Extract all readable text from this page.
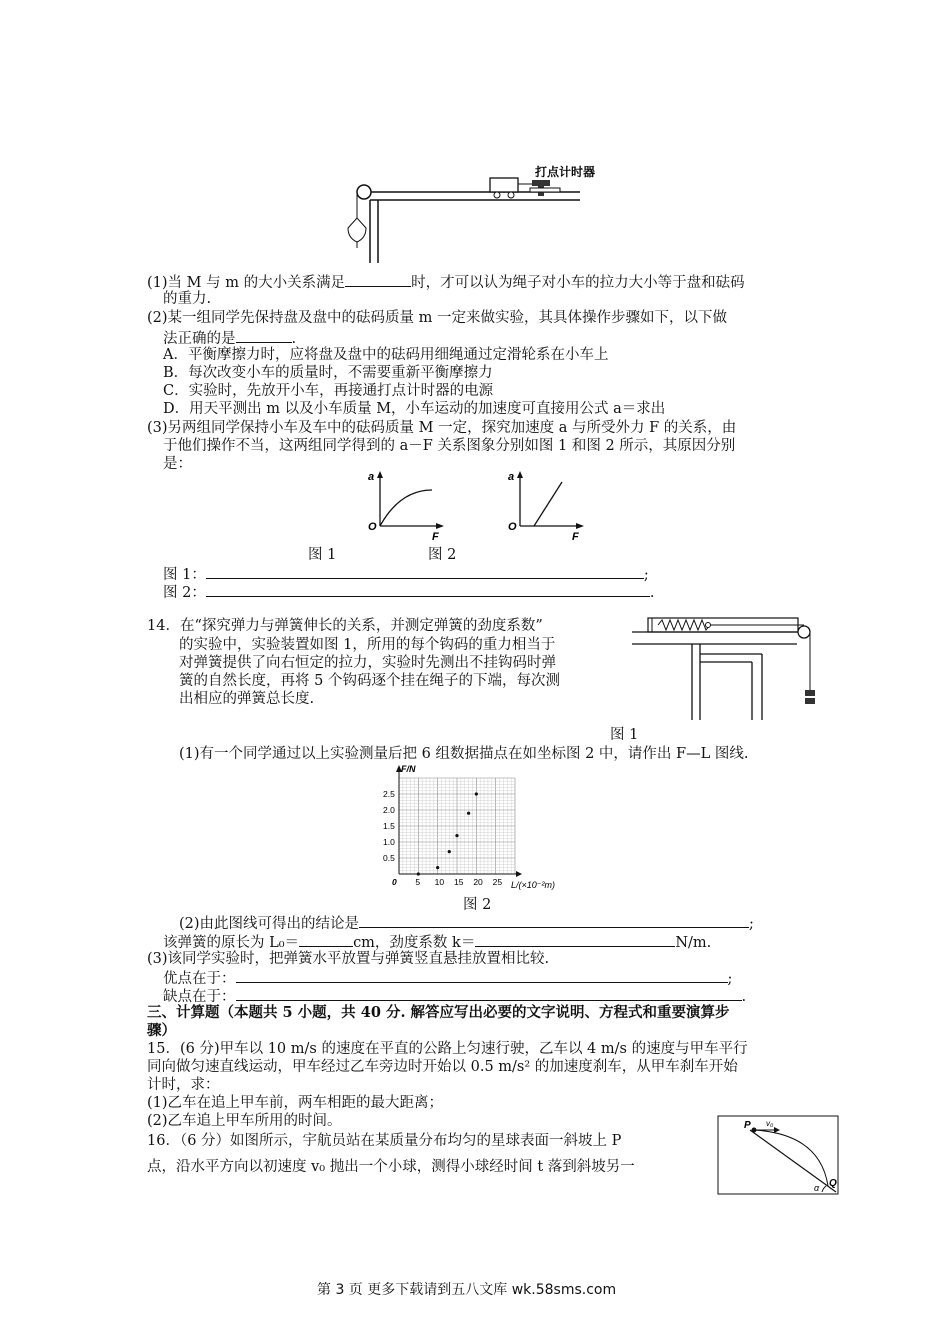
打点计时器
(1)当 M 与 m 的大小关系满足	时，才可以认为绳子对小车的拉力大小等于盘和砝码
的重力.
(2)某一组同学先保持盘及盘中的砝码质量 m 一定来做实验，其具体操作步骤如下，以下做
法正确的是	.
A．平衡摩擦力时，应将盘及盘中的砝码用细绳通过定滑轮系在小车上
B．每次改变小车的质量时，不需要重新平衡摩擦力
C．实验时，先放开小车，再接通打点计时器的电源
D．用天平测出 m 以及小车质量 M，小车运动的加速度可直接用公式 a＝求出
(3)另两组同学保持小车及车中的砝码质量 M 一定，探究加速度 a 与所受外力 F 的关系，由
于他们操作不当，这两组同学得到的 a－F 关系图象分别如图 1 和图 2 所示，其原因分别
是：
a
O
F
a
O
F
图 1	图 2
图 1：	;
图 2：	.
14．在“探究弹力与弹簧伸长的关系，并测定弹簧的劲度系数”
的实验中，实验装置如图 1，所用的每个钩码的重力相当于
对弹簧提供了向右恒定的拉力，实验时先测出不挂钩码时弹
簧的自然长度，再将 5 个钩码逐个挂在绳子的下端，每次测
出相应的弹簧总长度.
图 1
(1)有一个同学通过以上实验测量后把 6 组数据描点在如坐标图 2 中，请作出 F—L 图线.
0 5 10 15 20 25
0.5
1.0
1.5
2.0
2.5
F/N
L/(×10⁻²m)
图 2
(2)由此图线可得出的结论是	;
该弹簧的原长为 L₀＝	cm，劲度系数 k＝	N/m.
(3)该同学实验时，把弹簧水平放置与弹簧竖直悬挂放置相比较.
优点在于：	;
缺点在于：	.
三、计算题（本题共 5 小题，共 40 分. 解答应写出必要的文字说明、方程式和重要演算步
骤）
15．(6 分)甲车以 10 m/s 的速度在平直的公路上匀速行驶，乙车以 4 m/s 的速度与甲车平行
同向做匀速直线运动，甲车经过乙车旁边时开始以 0.5 m/s² 的加速度刹车，从甲车刹车开始
计时，求：
(1)乙车在追上甲车前，两车相距的最大距离；
(2)乙车追上甲车所用的时间。
16．（6 分）如图所示，宇航员站在某质量分布均匀的星球表面一斜坡上 P
点，沿水平方向以初速度 v₀ 抛出一个小球，测得小球经时间 t 落到斜坡另一
P v₀
Q
α
第 3 页 更多下载请到五八文库 wk.58sms.com
